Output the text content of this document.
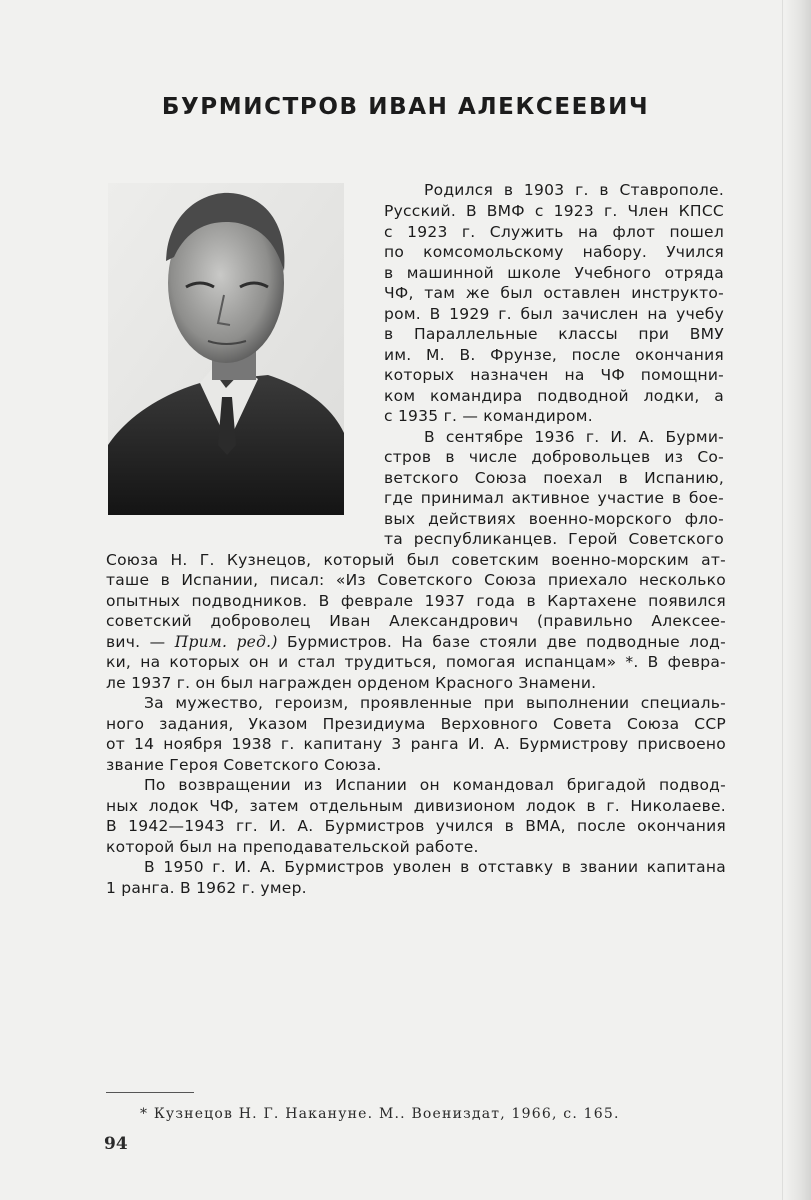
БУРМИСТРОВ ИВАН АЛЕКСЕЕВИЧ
Родился в 1903 г. в Ставрополе.
Русский. В ВМФ с 1923 г. Член КПСС
с 1923 г. Служить на флот пошел
по комсомольскому набору. Учился
в машинной школе Учебного отряда
ЧФ, там же был оставлен инструкто-
ром. В 1929 г. был зачислен на учебу
в Параллельные классы при ВМУ
им. М. В. Фрунзе, после окончания
которых назначен на ЧФ помощни-
ком командира подводной лодки, а
с 1935 г. — командиром.
В сентябре 1936 г. И. А. Бурми-
стров в числе добровольцев из Со-
ветского Союза поехал в Испанию,
где принимал активное участие в боe-
вых действиях военно-морского фло-
та республиканцев. Герой Советского
Союза Н. Г. Кузнецов, который был советским военно-морским ат-
таше в Испании, писал: «Из Советского Союза приехало несколько
опытных подводников. В феврале 1937 года в Картахене появился
советский доброволец Иван Александрович (правильно Алексее-
вич. — Прим. ред.) Бурмистров. На базе стояли две подводные лод-
ки, на которых он и стал трудиться, помогая испанцам» *. В февра-
ле 1937 г. он был награжден орденом Красного Знамени.
За мужество, героизм, проявленные при выполнении специаль-
ного задания, Указом Президиума Верховного Совета Союза ССР
от 14 ноября 1938 г. капитану 3 ранга И. А. Бурмистрову присвоено
звание Героя Советского Союза.
По возвращении из Испании он командовал бригадой подвод-
ных лодок ЧФ, затем отдельным дивизионом лодок в г. Николаеве.
В 1942—1943 гг. И. А. Бурмистров учился в ВМА, после окончания
которой был на преподавательской работе.
В 1950 г. И. А. Бурмистров уволен в отставку в звании капитана
1 ранга. В 1962 г. умер.
* Кузнецов Н. Г. Накануне. М.. Воениздат, 1966, с. 165.
94
